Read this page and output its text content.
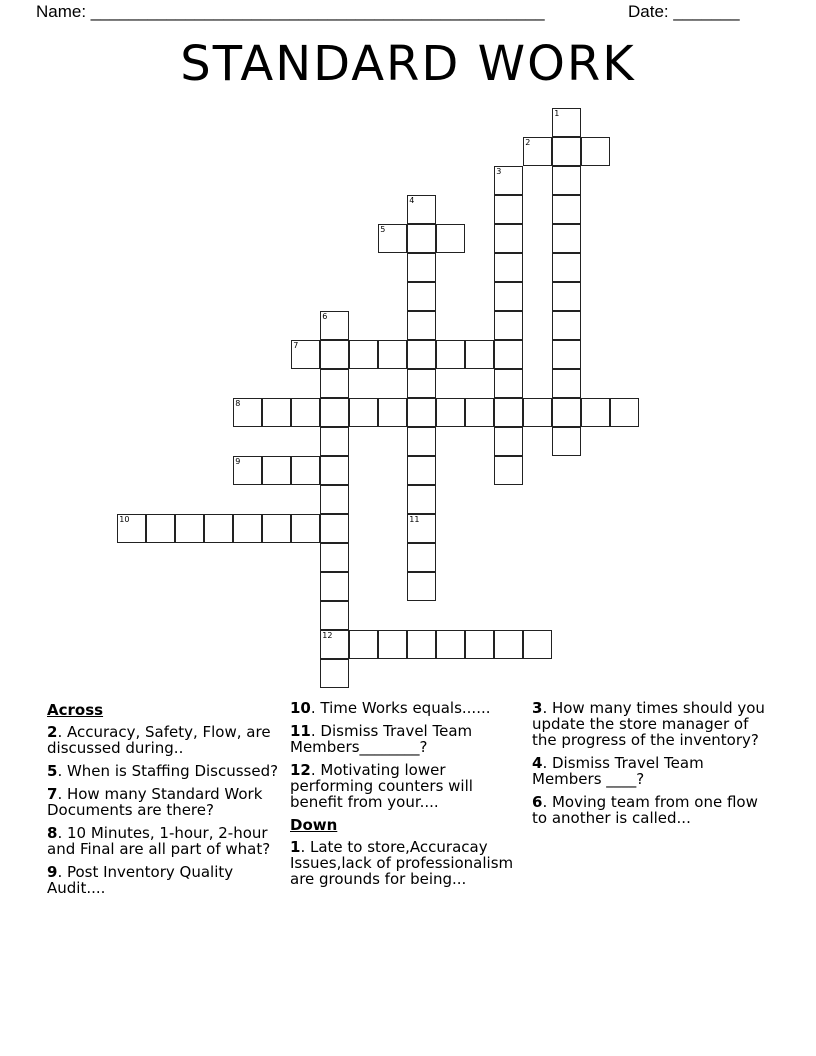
Name: ________________________________________________	Date: _______
STANDARD WORK
1
2
3
4
5
6
12
7
8
9
10	11
Across
2. Accuracy, Safety, Flow, are discussed during..
5. When is Staffing Discussed?
7. How many Standard Work Documents are there?
8. 10 Minutes, 1-hour, 2-hour and Final are all part of what?
9. Post Inventory Quality Audit....
10. Time Works equals......
11. Dismiss Travel Team Members________?
12. Motivating lower performing counters will benefit from your....
Down
1. Late to store,Accuracay Issues,lack of professionalism are grounds for being...
3. How many times should you update the store manager of the progress of the inventory?
4. Dismiss Travel Team Members ____?
6. Moving team from one flow to another is called...
